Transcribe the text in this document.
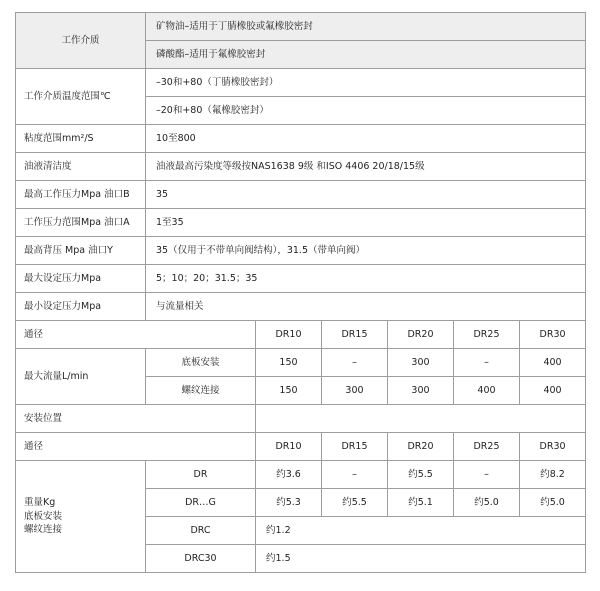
工作介质	矿物油–适用于丁腈橡胶或氟橡胶密封					

	磷酸酯–适用于氟橡胶密封					

工作介质温度范围℃	–30和+80（丁腈橡胶密封）					

	–20和+80（氟橡胶密封）					

粘度范围mm²/S	10至800					

油液清洁度	油液最高污染度等级按NAS1638 9级 和ISO 4406 20/18/15级					

最高工作压力Mpa 油口B	35					

工作压力范围Mpa 油口A	1至35					

最高背压 Mpa 油口Y	35（仅用于不带单向阀结构），31.5（带单向阀）					

最大设定压力Mpa	5；10；20；31.5；35					

最小设定压力Mpa	与流量相关					

通径		DR10	DR15	DR20	DR25	DR30

最大流量L/min	底板安装	150	–	300	–	400

	螺纹连接	150	300	300	400	400

安装位置						

通径		DR10	DR15	DR20	DR25	DR30

重量Kg
底板安装
螺纹连接	DR	约3.6	–	约5.5	–	约8.2

	DR…G	约5.3	约5.5	约5.1	约5.0	约5.0

	DRC	约1.2				

	DRC30	约1.5				
